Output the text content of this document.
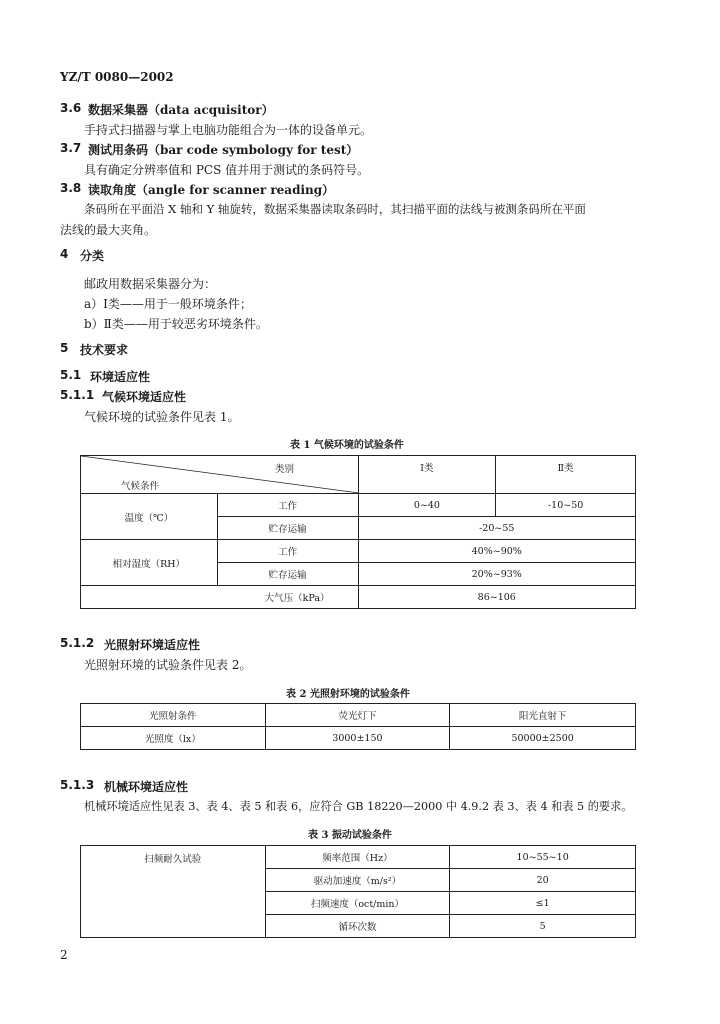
YZ/T 0080—2002
3.6 数据采集器（data acquisitor）
手持式扫描器与掌上电脑功能组合为一体的设备单元。
3.7 测试用条码（bar code symbology for test）
具有确定分辨率值和 PCS 值并用于测试的条码符号。
3.8 读取角度（angle for scanner reading）
条码所在平面沿 X 轴和 Y 轴旋转，数据采集器读取条码时，其扫描平面的法线与被测条码所在平面
法线的最大夹角。
4 分类
邮政用数据采集器分为：
a）Ⅰ类——用于一般环境条件；
b）Ⅱ类——用于较恶劣环境条件。
5 技术要求
5.1 环境适应性
5.1.1 气候环境适应性
气候环境的试验条件见表 1。
表 1 气候环境的试验条件
类别
气候条件		Ⅰ类	Ⅱ类
温度（℃）	工作	0~40	-10~50
	贮存运输	-20~55	
相对湿度（RH）	工作	40%~90%	
	贮存运输	20%~93%	
大气压（kPa）		86~106	
5.1.2 光照射环境适应性
光照射环境的试验条件见表 2。
表 2 光照射环境的试验条件
光照射条件	荧光灯下	阳光直射下
光照度（lx）	3000±150	50000±2500
5.1.3 机械环境适应性
机械环境适应性见表 3、表 4、表 5 和表 6，应符合 GB 18220—2000 中 4.9.2 表 3、表 4 和表 5 的要求。
表 3 振动试验条件
扫频耐久试验	频率范围（Hz）	10~55~10
	驱动加速度（m/s²）	20
	扫频速度（oct/min）	≤1
	循环次数	5
2
